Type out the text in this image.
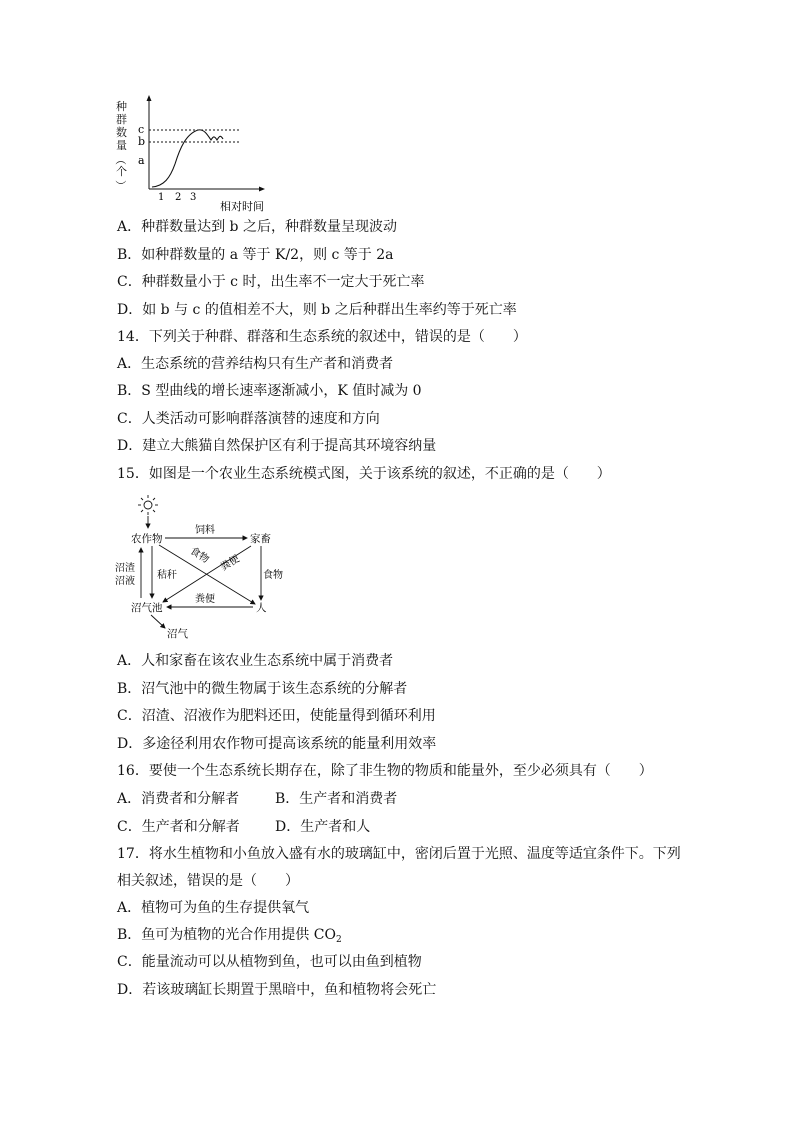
种
群
数
量
（
个
）
c
b
a
1 2 3
相对时间
A．种群数量达到 b 之后，种群数量呈现波动
B．如种群数量的 a 等于 K/2，则 c 等于 2a
C．种群数量小于 c 时，出生率不一定大于死亡率
D．如 b 与 c 的值相差不大，则 b 之后种群出生率约等于死亡率
14．下列关于种群、群落和生态系统的叙述中，错误的是（　　）
A．生态系统的营养结构只有生产者和消费者
B．S 型曲线的增长速率逐渐减小，K 值时减为 0
C．人类活动可影响群落演替的速度和方向
D．建立大熊猫自然保护区有利于提高其环境容纳量
15．如图是一个农业生态系统模式图，关于该系统的叙述，不正确的是（　　）
农作物	家畜
沼气池	人
沼气
饲料
食物
食物 粪便
粪便
秸秆
沼渣
沼液
A．人和家畜在该农业生态系统中属于消费者
B．沼气池中的微生物属于该生态系统的分解者
C．沼渣、沼液作为肥料还田，使能量得到循环利用
D．多途径利用农作物可提高该系统的能量利用效率
16．要使一个生态系统长期存在，除了非生物的物质和能量外，至少必须具有（　　）
A．消费者和分解者	B．生产者和消费者
C．生产者和分解者	D．生产者和人
17．将水生植物和小鱼放入盛有水的玻璃缸中，密闭后置于光照、温度等适宜条件下。下列
相关叙述，错误的是（　　）
A．植物可为鱼的生存提供氧气
B．鱼可为植物的光合作用提供 $CO_2$
C．能量流动可以从植物到鱼，也可以由鱼到植物
D．若该玻璃缸长期置于黑暗中，鱼和植物将会死亡
